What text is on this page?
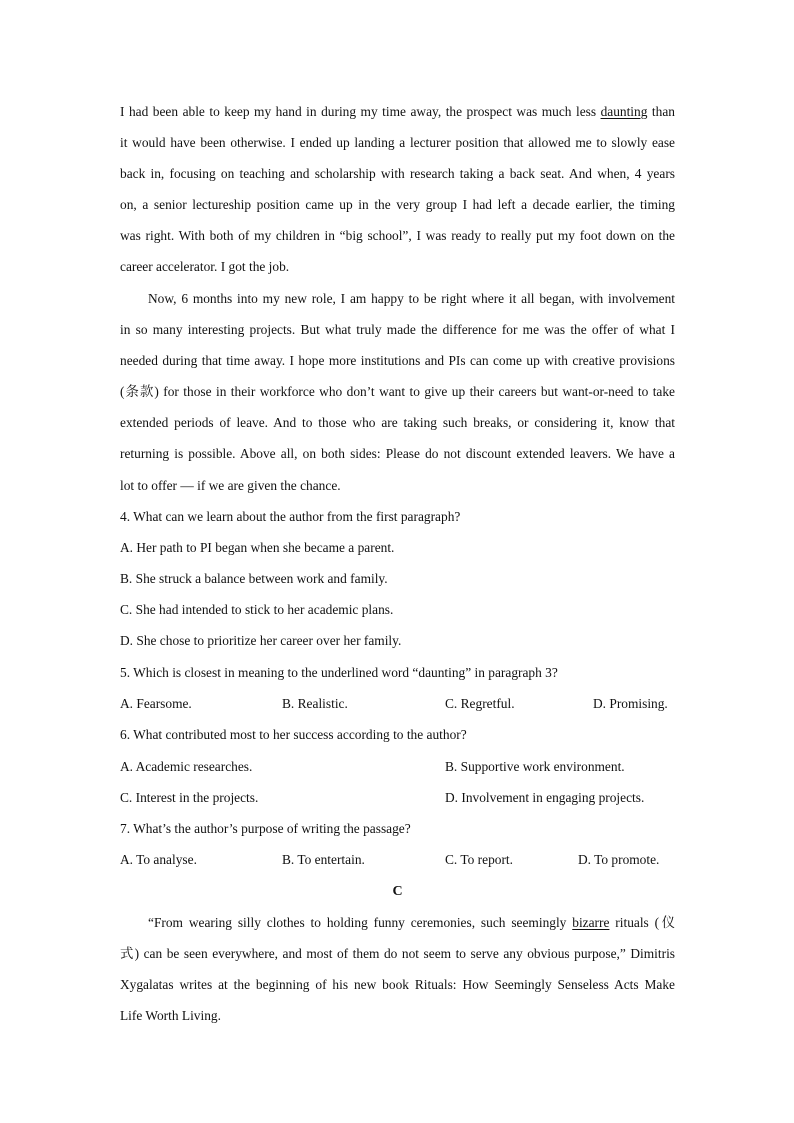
I had been able to keep my hand in during my time away, the prospect was much less daunting than
it would have been otherwise. I ended up landing a lecturer position that allowed me to slowly ease
back in, focusing on teaching and scholarship with research taking a back seat. And when, 4 years
on, a senior lectureship position came up in the very group I had left a decade earlier, the timing
was right. With both of my children in “big school”, I was ready to really put my foot down on the
career accelerator. I got the job.
Now, 6 months into my new role, I am happy to be right where it all began, with involvement
in so many interesting projects. But what truly made the difference for me was the offer of what I
needed during that time away. I hope more institutions and PIs can come up with creative provisions
(条款) for those in their workforce who don’t want to give up their careers but want-or-need to take
extended periods of leave. And to those who are taking such breaks, or considering it, know that
returning is possible. Above all, on both sides: Please do not discount extended leavers. We have a
lot to offer — if we are given the chance.
4. What can we learn about the author from the first paragraph?
A. Her path to PI began when she became a parent.
B. She struck a balance between work and family.
C. She had intended to stick to her academic plans.
D. She chose to prioritize her career over her family.
5. Which is closest in meaning to the underlined word “daunting” in paragraph 3?
A. Fearsome.	B. Realistic.	C. Regretful.	D. Promising.
6. What contributed most to her success according to the author?
A. Academic researches.	B. Supportive work environment.
C. Interest in the projects.	D. Involvement in engaging projects.
7. What’s the author’s purpose of writing the passage?
A. To analyse.	B. To entertain.	C. To report.	D. To promote.
C
“From wearing silly clothes to holding funny ceremonies, such seemingly bizarre rituals (仪
式) can be seen everywhere, and most of them do not seem to serve any obvious purpose,” Dimitris
Xygalatas writes at the beginning of his new book Rituals: How Seemingly Senseless Acts Make
Life Worth Living.
